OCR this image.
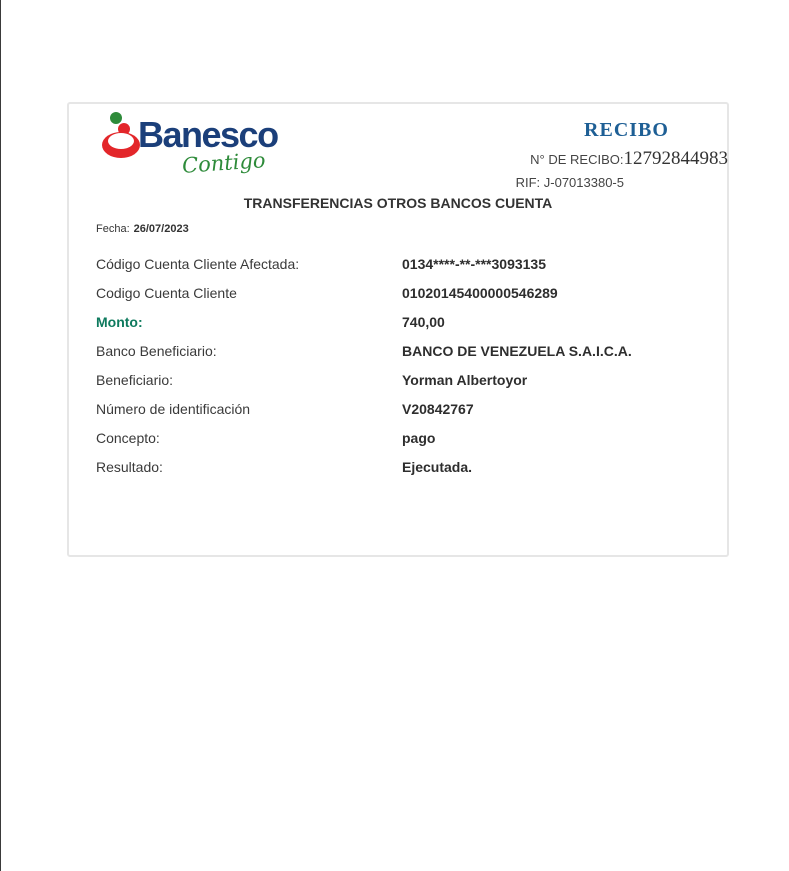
Banesco
Contigo
RECIBO
N° DE RECIBO:12792844983
RIF: J-07013380-5
TRANSFERENCIAS OTROS BANCOS CUENTA
Fecha: 26/07/2023
Código Cuenta Cliente Afectada:	0134****-**-***3093135
Codigo Cuenta Cliente	01020145400000546289
Monto:	740,00
Banco Beneficiario:	BANCO DE VENEZUELA S.A.I.C.A.
Beneficiario:	Yorman Albertoyor
Número de identificación	V20842767
Concepto:	pago
Resultado:	Ejecutada.
